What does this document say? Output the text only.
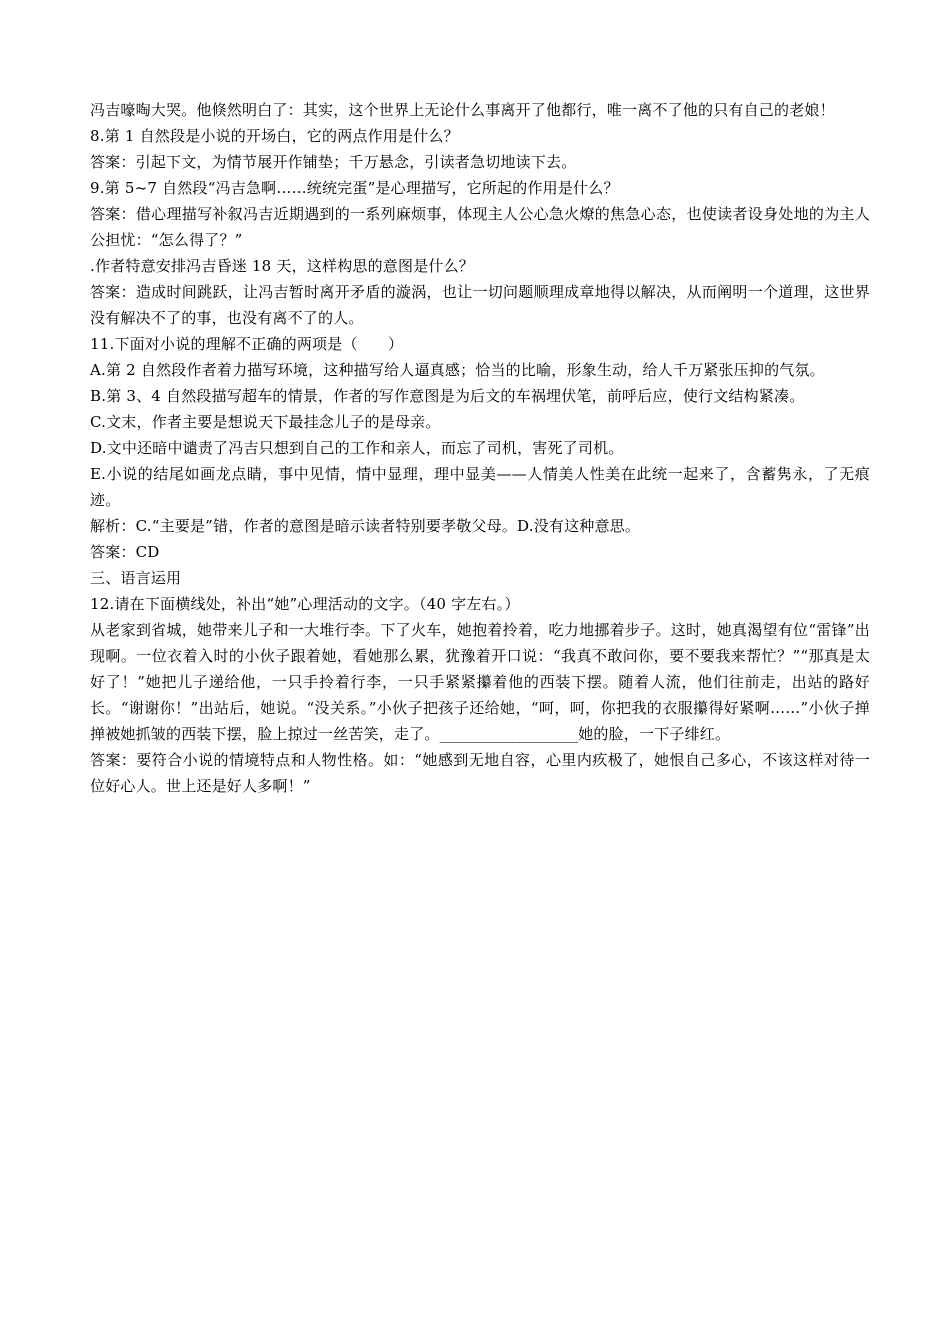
冯吉嚎啕大哭。他倏然明白了：其实，这个世界上无论什么事离开了他都行，唯一离不了他的只有自己的老娘！

8.第 1 自然段是小说的开场白，它的两点作用是什么？

答案：引起下文，为情节展开作铺垫；千万悬念，引读者急切地读下去。

9.第 5~7 自然段“冯吉急啊……统统完蛋”是心理描写，它所起的作用是什么？

答案：借心理描写补叙冯吉近期遇到的一系列麻烦事，体现主人公心急火燎的焦急心态，也使读者设身处地的为主人公担忧：“怎么得了？”

.作者特意安排冯吉昏迷 18 天，这样构思的意图是什么？

答案：造成时间跳跃，让冯吉暂时离开矛盾的漩涡，也让一切问题顺理成章地得以解决，从而阐明一个道理，这世界没有解决不了的事，也没有离不了的人。

11.下面对小说的理解不正确的两项是（　　）

A.第 2 自然段作者着力描写环境，这种描写给人逼真感；恰当的比喻，形象生动，给人千万紧张压抑的气氛。

B.第 3、4 自然段描写超车的情景，作者的写作意图是为后文的车祸埋伏笔，前呼后应，使行文结构紧凑。

C.文末，作者主要是想说天下最挂念儿子的是母亲。

D.文中还暗中谴责了冯吉只想到自己的工作和亲人，而忘了司机，害死了司机。

E.小说的结尾如画龙点睛，事中见情，情中显理，理中显美——人情美人性美在此统一起来了，含蓄隽永，了无痕迹。

解析：C.“主要是”错，作者的意图是暗示读者特别要孝敬父母。D.没有这种意思。

答案：CD

三、语言运用

12.请在下面横线处，补出“她”心理活动的文字。（40 字左右。）

从老家到省城，她带来儿子和一大堆行李。下了火车，她抱着拎着，吃力地挪着步子。这时，她真渴望有位“雷锋”出现啊。一位衣着入时的小伙子跟着她，看她那么累，犹豫着开口说：“我真不敢问你，要不要我来帮忙？”“那真是太好了！”她把儿子递给他，一只手拎着行李，一只手紧紧攥着他的西装下摆。随着人流，他们往前走，出站的路好长。“谢谢你！”出站后，她说。“没关系。”小伙子把孩子还给她，“呵，呵，你把我的衣服攥得好紧啊……”小伙子掸掸被她抓皱的西装下摆，脸上掠过一丝苦笑，走了。__________________她的脸，一下子绯红。

答案：要符合小说的情境特点和人物性格。如：“她感到无地自容，心里内疚极了，她恨自己多心，不该这样对待一位好心人。世上还是好人多啊！”
